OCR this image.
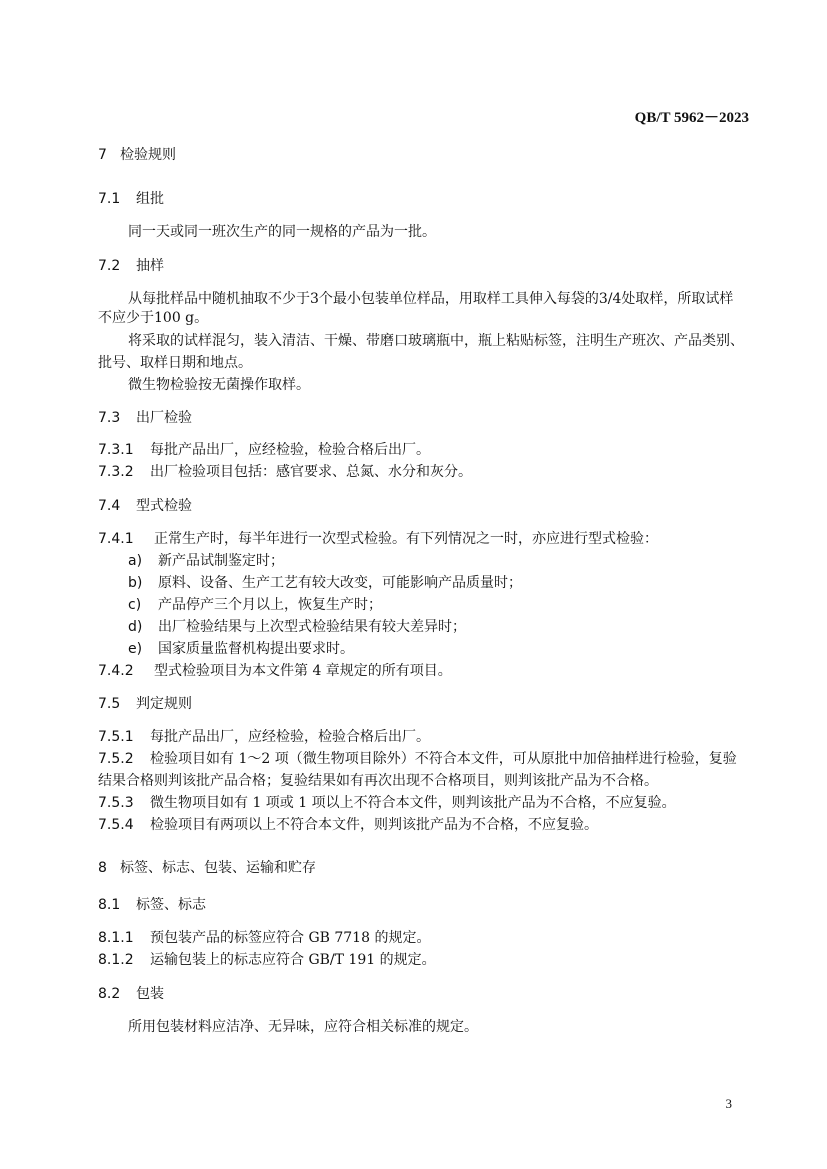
QB/T 5962－2023
7 检验规则
7.1 组批
同一天或同一班次生产的同一规格的产品为一批。
7.2 抽样
从每批样品中随机抽取不少于3个最小包装单位样品，用取样工具伸入每袋的3/4处取样，所取试样
不应少于100 g。
将采取的试样混匀，装入清洁、干燥、带磨口玻璃瓶中，瓶上粘贴标签，注明生产班次、产品类别、
批号、取样日期和地点。
微生物检验按无菌操作取样。
7.3 出厂检验
7.3.1 每批产品出厂，应经检验，检验合格后出厂。
7.3.2 出厂检验项目包括：感官要求、总氮、水分和灰分。
7.4 型式检验
7.4.1 正常生产时，每半年进行一次型式检验。有下列情况之一时，亦应进行型式检验：
a) 新产品试制鉴定时；
b) 原料、设备、生产工艺有较大改变，可能影响产品质量时；
c) 产品停产三个月以上，恢复生产时；
d) 出厂检验结果与上次型式检验结果有较大差异时；
e) 国家质量监督机构提出要求时。
7.4.2 型式检验项目为本文件第 4 章规定的所有项目。
7.5 判定规则
7.5.1 每批产品出厂，应经检验，检验合格后出厂。
7.5.2 检验项目如有 1～2 项（微生物项目除外）不符合本文件，可从原批中加倍抽样进行检验，复验
结果合格则判该批产品合格；复验结果如有再次出现不合格项目，则判该批产品为不合格。
7.5.3 微生物项目如有 1 项或 1 项以上不符合本文件，则判该批产品为不合格，不应复验。
7.5.4 检验项目有两项以上不符合本文件，则判该批产品为不合格，不应复验。
8 标签、标志、包装、运输和贮存
8.1 标签、标志
8.1.1 预包装产品的标签应符合 GB 7718 的规定。
8.1.2 运输包装上的标志应符合 GB/T 191 的规定。
8.2 包装
所用包装材料应洁净、无异味，应符合相关标准的规定。
3
